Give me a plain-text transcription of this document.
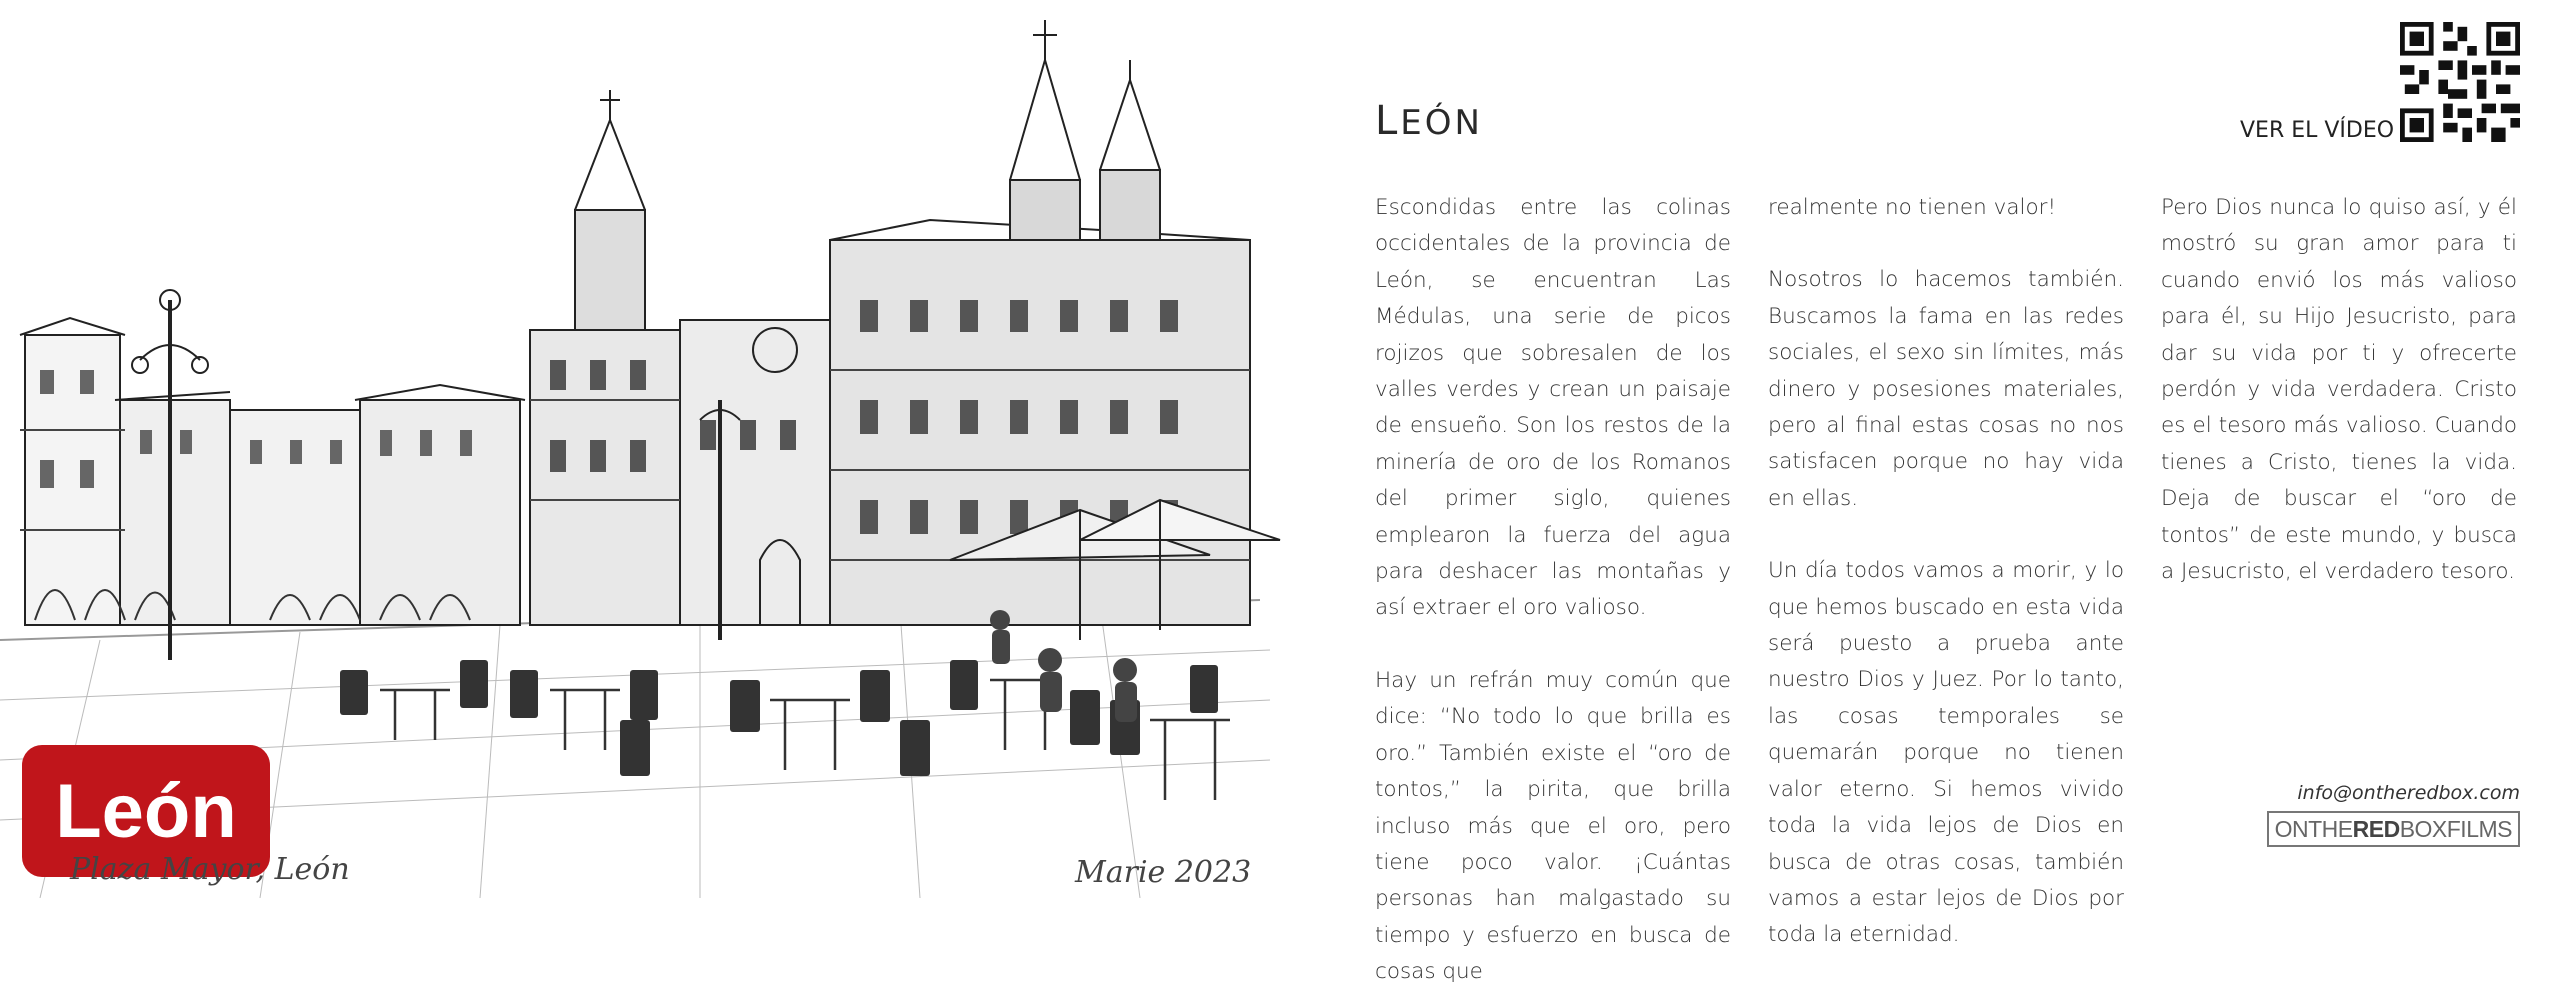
León
Plaza Mayor, León	Marie 2023
LEÓN	VER EL VÍDEO

Escondidas entre las colinas occidentales de la provincia de León, se encuentran Las Médulas, una serie de picos rojizos que sobresalen de los valles verdes y crean un paisaje de ensueño. Son los restos de la minería de oro de los Romanos del primer siglo, quienes emplearon la fuerza del agua para deshacer las montañas y así extraer el oro valioso.

Hay un refrán muy común que dice: “No todo lo que brilla es oro.” También existe el “oro de tontos,” la pirita, que brilla incluso más que el oro, pero tiene poco valor. ¡Cuántas personas han malgastado su tiempo y esfuerzo en busca de cosas que

realmente no tienen valor!

Nosotros lo hacemos también. Buscamos la fama en las redes sociales, el sexo sin límites, más dinero y posesiones materiales, pero al final estas cosas no nos satisfacen porque no hay vida en ellas.

Un día todos vamos a morir, y lo que hemos buscado en esta vida será puesto a prueba ante nuestro Dios y Juez. Por lo tanto, las cosas temporales se quemarán porque no tienen valor eterno. Si hemos vivido toda la vida lejos de Dios en busca de otras cosas, también vamos a estar lejos de Dios por toda la eternidad.

Pero Dios nunca lo quiso así, y él mostró su gran amor para ti cuando envió los más valioso para él, su Hijo Jesucristo, para dar su vida por ti y ofrecerte perdón y vida verdadera. Cristo es el tesoro más valioso. Cuando tienes a Cristo, tienes la vida. Deja de buscar el “oro de tontos” de este mundo, y busca a Jesucristo, el verdadero tesoro.

info@ontheredbox.com
ONTHEREDBOXFILMS
